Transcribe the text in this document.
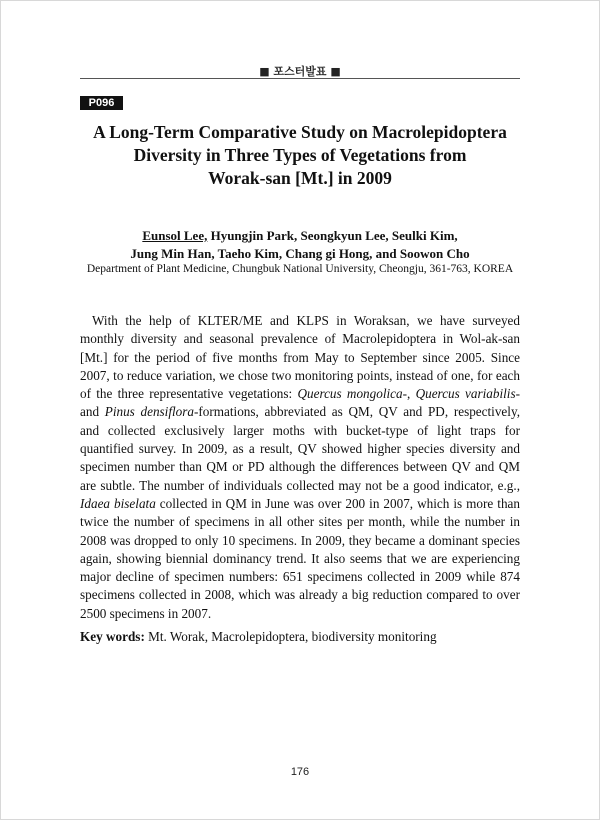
■ 포스터발표 ■
P096
A Long-Term Comparative Study on Macrolepidoptera
Diversity in Three Types of Vegetations from
Worak-san [Mt.] in 2009
Eunsol Lee, Hyungjin Park, Seongkyun Lee, Seulki Kim,
Jung Min Han, Taeho Kim, Chang gi Hong, and Soowon Cho
Department of Plant Medicine, Chungbuk National University, Cheongju, 361-763, KOREA
With the help of KLTER/ME and KLPS in Woraksan, we have surveyed monthly diversity and seasonal prevalence of Macrolepidoptera in Wol-ak-san [Mt.] for the period of five months from May to September since 2005. Since 2007, to reduce variation, we chose two monitoring points, instead of one, for each of the three representative vegetations: Quercus mongolica-, Quercus variabilis- and Pinus densiflora-formations, abbreviated as QM, QV and PD, respectively, and collected exclusively larger moths with bucket-type of light traps for quantified survey. In 2009, as a result, QV showed higher species diversity and specimen number than QM or PD although the differences between QV and QM are subtle. The number of individuals collected may not be a good indicator, e.g., Idaea biselata collected in QM in June was over 200 in 2007, which is more than twice the number of specimens in all other sites per month, while the number in 2008 was dropped to only 10 specimens. In 2009, they became a dominant species again, showing biennial dominancy trend. It also seems that we are experiencing major decline of specimen numbers: 651 specimens collected in 2009 while 874 specimens collected in 2008, which was already a big reduction compared to over 2500 specimens in 2007.
Key words: Mt. Worak, Macrolepidoptera, biodiversity monitoring
176
